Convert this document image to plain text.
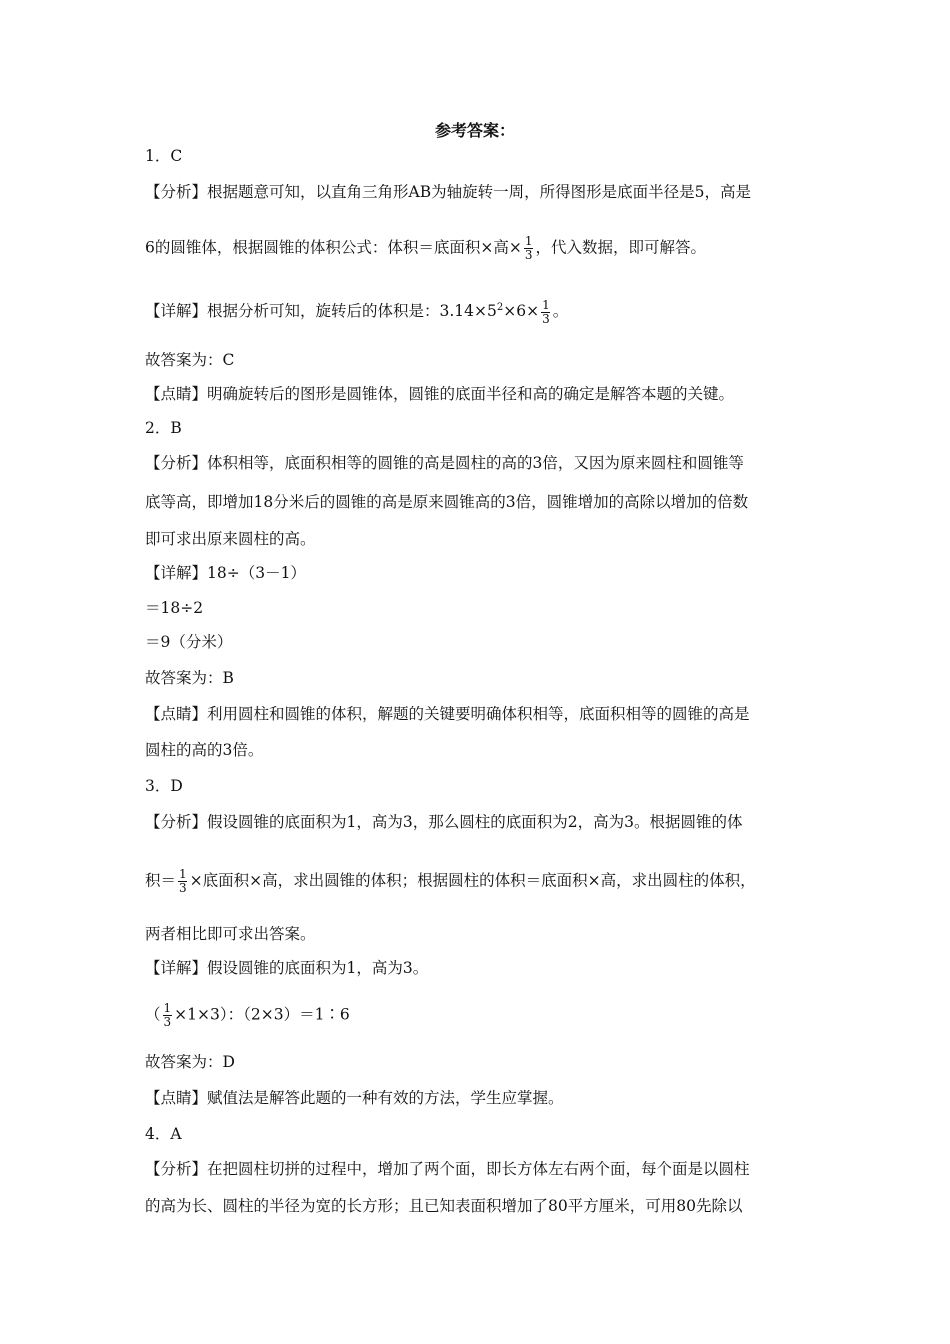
参考答案：
1．C
【分析】根据题意可知，以直角三角形AB为轴旋转一周，所得图形是底面半径是5，高是
6的圆锥体，根据圆锥的体积公式：体积＝底面积×高× $\frac{1}{3}$ ，代入数据，即可解答。
【详解】根据分析可知，旋转后的体积是：$3.14\times 5^2\times 6\times \frac{1}{3}$ 。
故答案为：C
【点睛】明确旋转后的图形是圆锥体，圆锥的底面半径和高的确定是解答本题的关键。
2．B
【分析】体积相等，底面积相等的圆锥的高是圆柱的高的3倍，又因为原来圆柱和圆锥等
底等高，即增加18分米后的圆锥的高是原来圆锥高的3倍，圆锥增加的高除以增加的倍数
即可求出原来圆柱的高。
【详解】18÷（3－1）
＝18÷2
＝9（分米）
故答案为：B
【点睛】利用圆柱和圆锥的体积，解题的关键要明确体积相等，底面积相等的圆锥的高是
圆柱的高的3倍。
3．D
【分析】假设圆锥的底面积为1，高为3，那么圆柱的底面积为2，高为3。根据圆锥的体
积＝ $\frac{1}{3}$ ×底面积×高，求出圆锥的体积；根据圆柱的体积＝底面积×高，求出圆柱的体积，
两者相比即可求出答案。
【详解】假设圆锥的底面积为1，高为3。
（ $\frac{1}{3} \times 1\times 3$）：（2×3）＝1∶6
故答案为：D
【点睛】赋值法是解答此题的一种有效的方法，学生应掌握。
4．A
【分析】在把圆柱切拼的过程中，增加了两个面，即长方体左右两个面，每个面是以圆柱
的高为长、圆柱的半径为宽的长方形；且已知表面积增加了80平方厘米，可用80先除以
